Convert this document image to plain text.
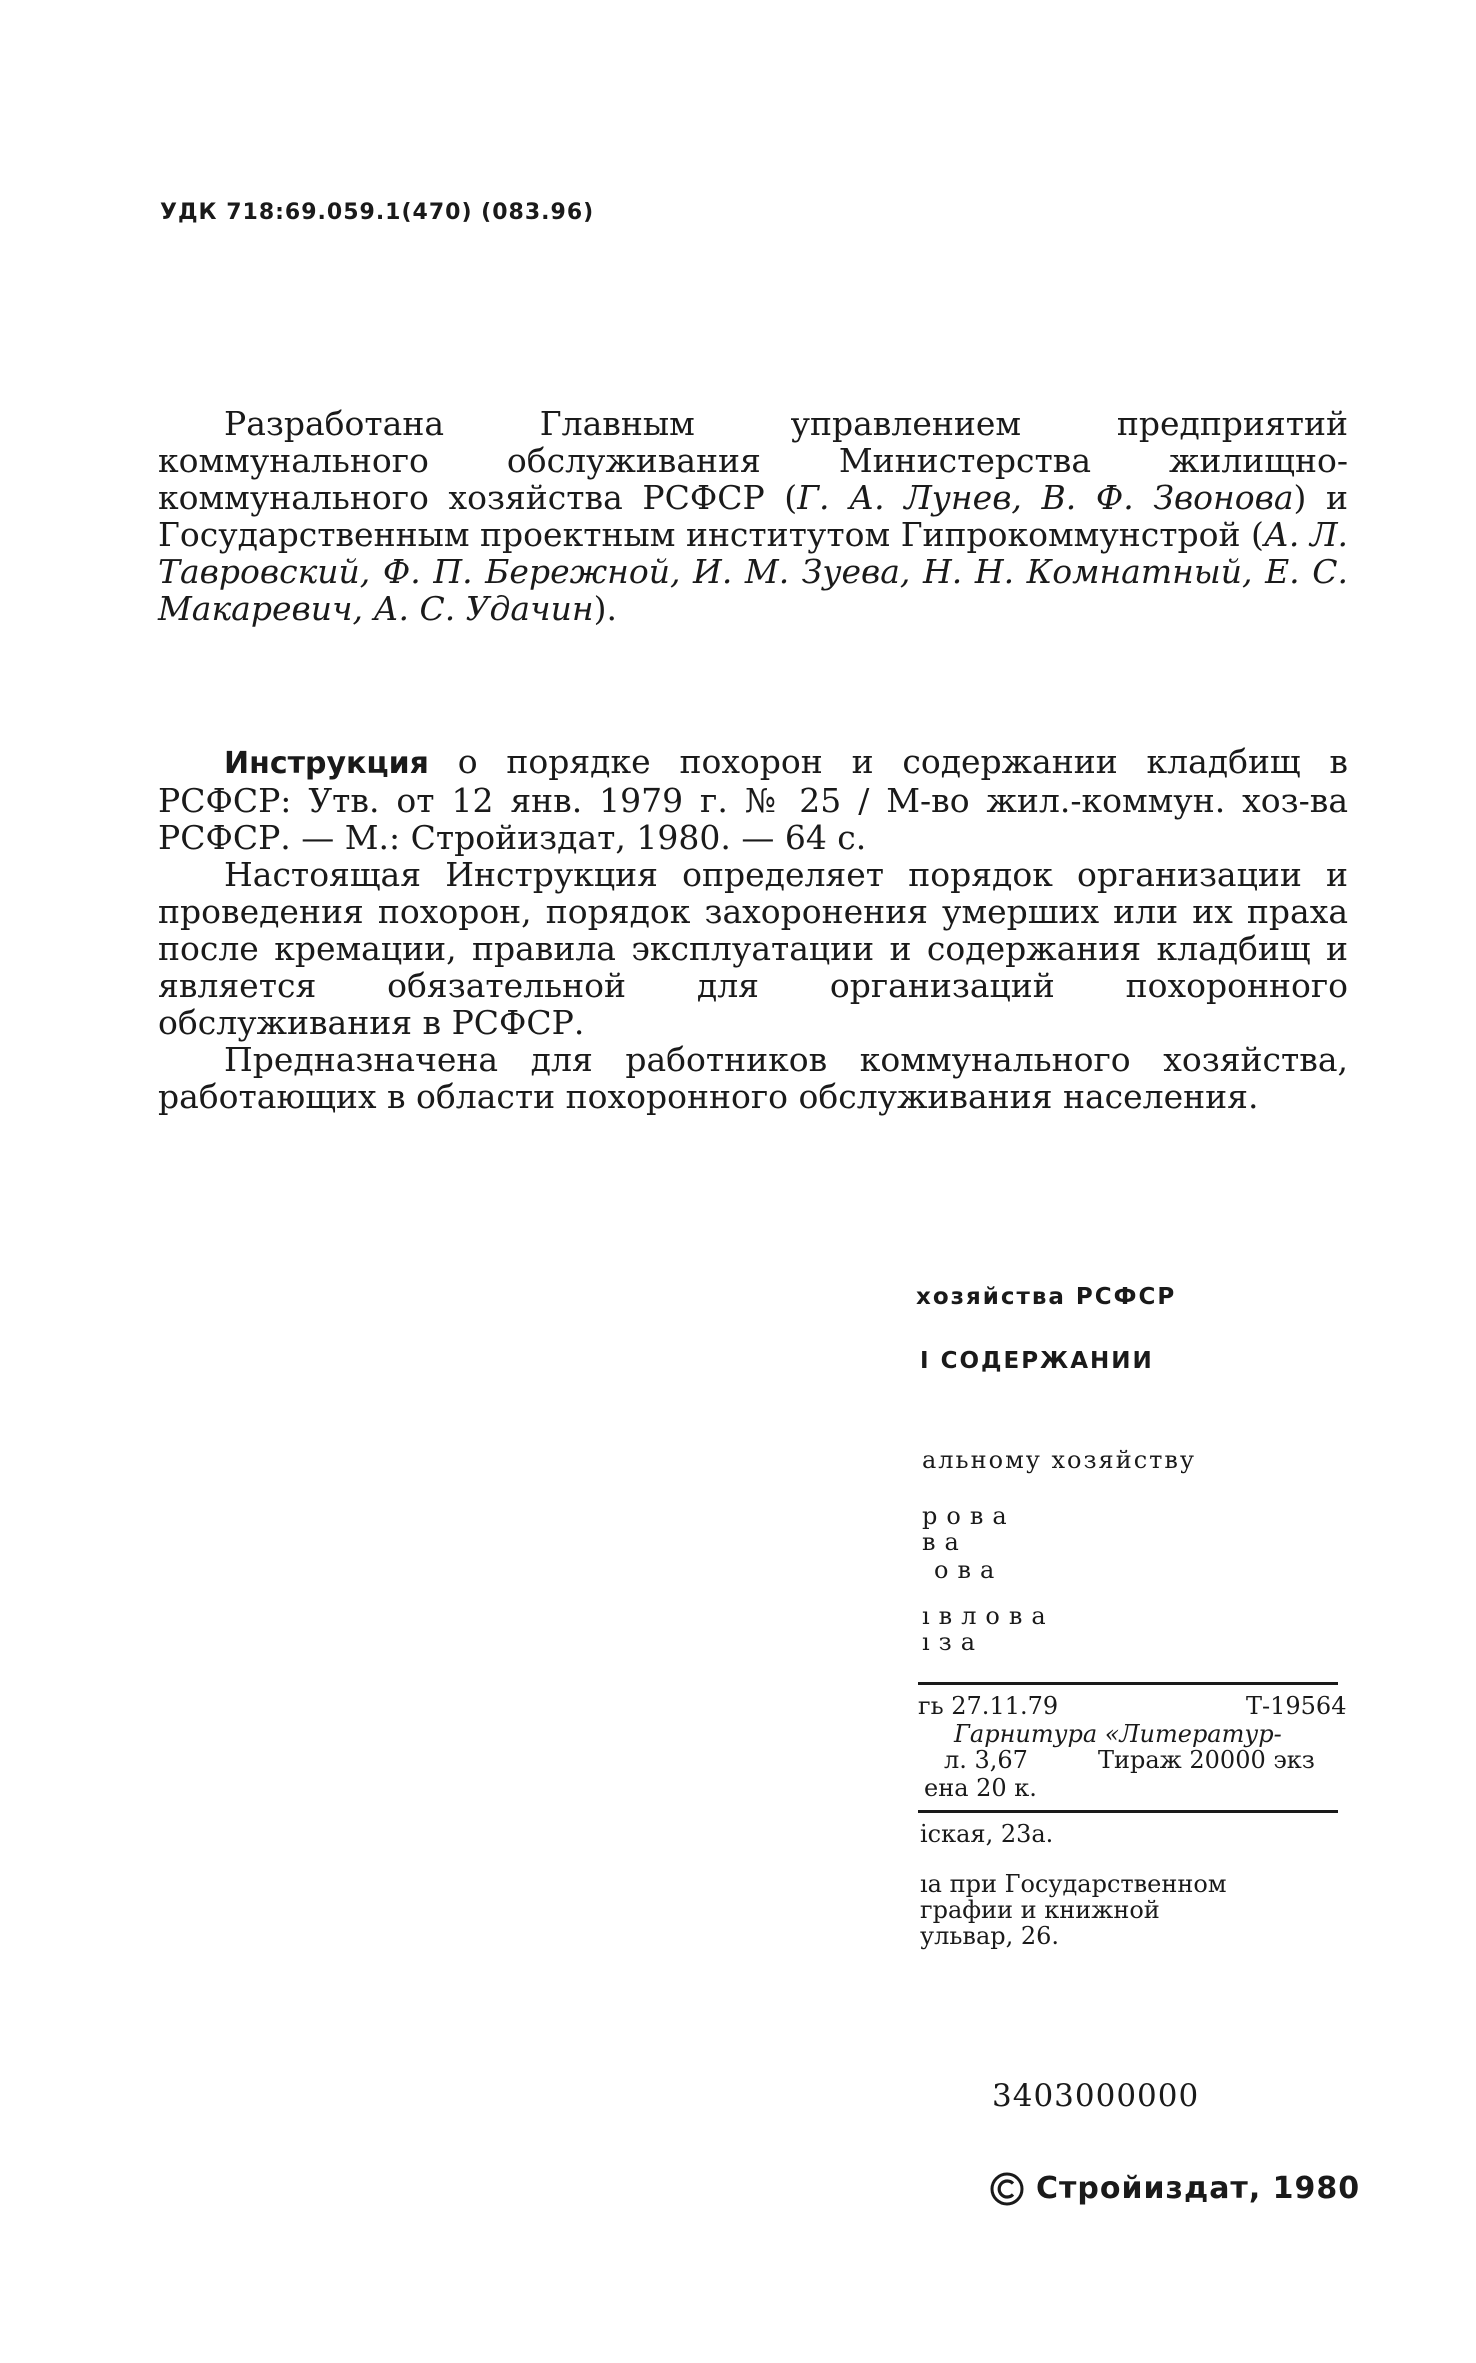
УДК 718:69.059.1(470) (083.96)
Разработана Главным управлением предприятий коммунального обслуживания Министерства жилищно-коммунального хозяйства РСФСР (Г. А. Лунев, В. Ф. Звонова) и Государственным проектным институтом Гипрокоммунстрой (А. Л. Тавровский, Ф. П. Бережной, И. М. Зуева, Н. Н. Комнатный, Е. С. Макаревич, А. С. Удачин).
Инструкция о порядке похорон и содержании кладбищ в РСФСР: Утв. от 12 янв. 1979 г. № 25 / М-во жил.-коммун. хоз-ва РСФСР. — М.: Стройиздат, 1980. — 64 с.
Настоящая Инструкция определяет порядок организации и проведения похорон, порядок захоронения умерших или их праха после кремации, правила эксплуатации и содержания кладбищ и является обязательной для организаций похоронного обслуживания в РСФСР.
Предназначена для работников коммунального хозяйства, работающих в области похоронного обслуживания населения.
хозяйства РСФСР
I СОДЕРЖАНИИ
альному хозяйству
рова
ва
ова
ıвлова
ıза
гь 27.11.79	Т-19564
Гарнитура «Литератур-
л. 3,67	Тираж 20000 экз
ена 20 к.
іская, 23а.
ıа при Государственном
графии и книжной
ульвар, 26.
3403000000
Стройиздат, 1980
